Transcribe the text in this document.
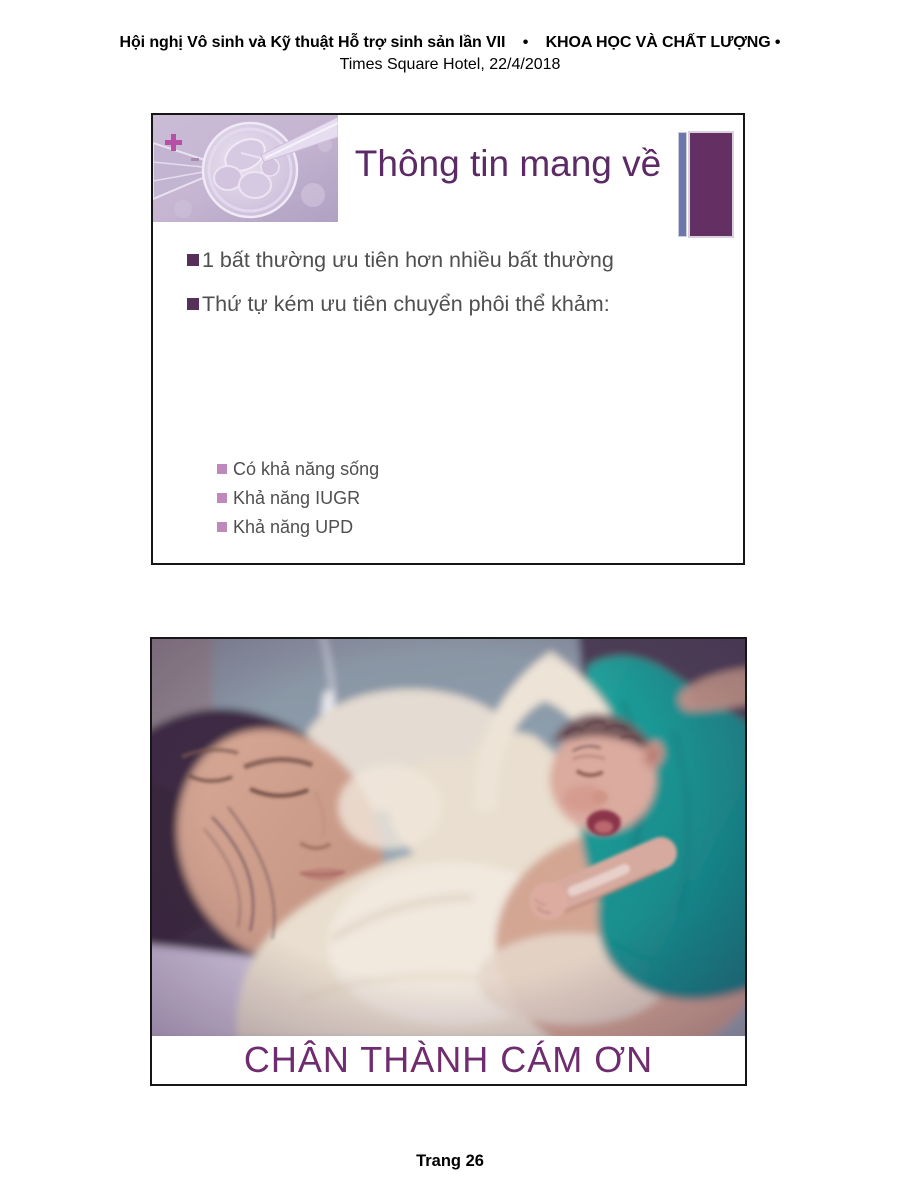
Hội nghị Vô sinh và Kỹ thuật Hỗ trợ sinh sản lần VII    •    KHOA HỌC VÀ CHẤT LƯỢNG •
Times Square Hotel, 22/4/2018
Thông tin mang về
1 bất thường ưu tiên hơn nhiều bất thường
Thứ tự kém ưu tiên chuyển phôi thể khảm:
Có khả năng sống
Khả năng IUGR
Khả năng UPD
CHÂN THÀNH CÁM ƠN
Trang 26
